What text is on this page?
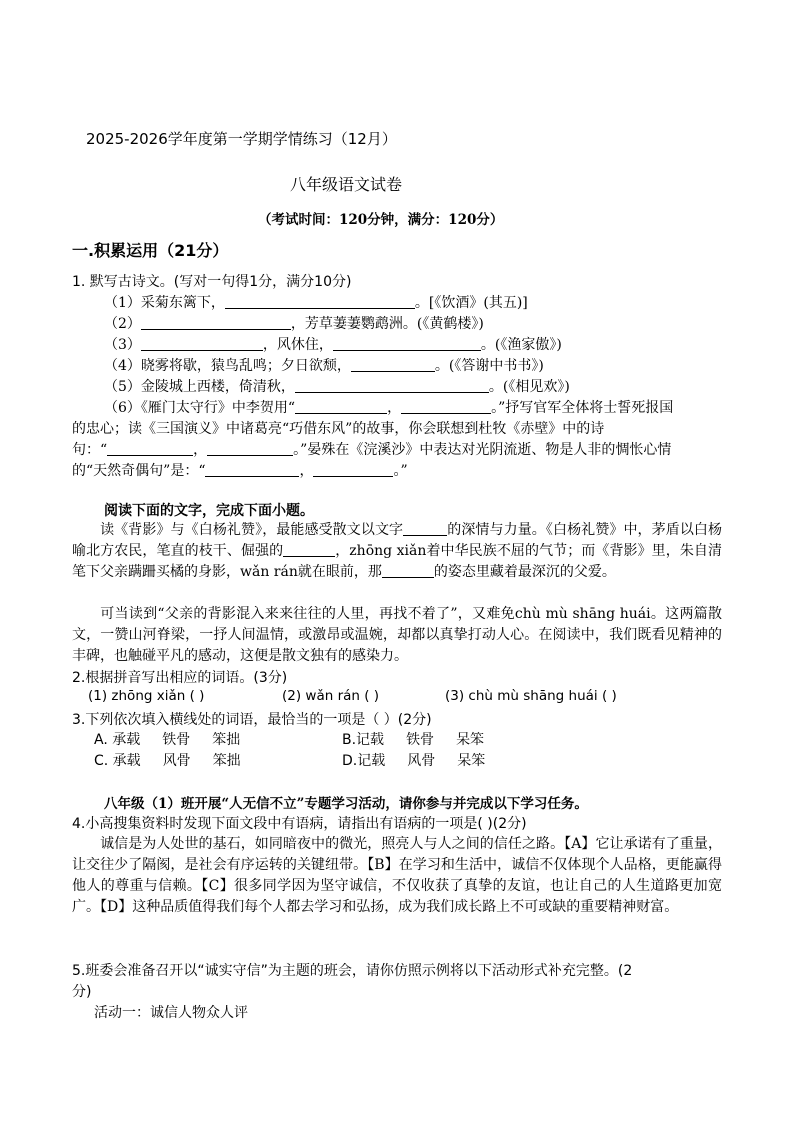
2025-2026学年度第一学期学情练习（12月）
八年级语文试卷
（考试时间：120分钟，满分：120分）
一.积累运用（21分）
1. 默写古诗文。(写对一句得1分，满分10分)
（1）采菊东篱下，	。[《饮酒》(其五)]
（2）	，芳草萋萋鹦鹉洲。(《黄鹤楼》)
（3）	，风休住，	。(《渔家傲》)
（4）晓雾将歇，猿鸟乱鸣；夕日欲颓，	。(《答谢中书书》)
（5）金陵城上西楼，倚清秋，	。(《相见欢》)
（6）《雁门太守行》中李贺用“	，	。”抒写官军全体将士誓死报国
的忠心；读《三国演义》中诸葛亮“巧借东风”的故事，你会联想到杜牧《赤壁》中的诗
句：“	，	。”晏殊在《浣溪沙》中表达对光阴流逝、物是人非的惆怅心情
的“天然奇偶句”是：“	，	。”
阅读下面的文字，完成下面小题。
读《背影》与《白杨礼赞》，最能感受散文以文字	的深情与力量。《白杨礼赞》中，茅盾以白杨喻北方农民，笔直的枝干、倔强的	，zhōng xiǎn着中华民族不屈的气节；而《背影》里，朱自清笔下父亲蹒跚买橘的身影，wǎn rán就在眼前，那	的姿态里藏着最深沉的父爱。
可当读到“父亲的背影混入来来往往的人里，再找不着了”，又难免chù mù shāng huái。这两篇散文，一赞山河脊梁，一抒人间温情，或激昂或温婉，却都以真挚打动人心。在阅读中，我们既看见精神的丰碑，也触碰平凡的感动，这便是散文独有的感染力。
2.根据拼音写出相应的词语。(3分)
(1) zhōng xiǎn ( )	(2) wǎn rán ( )	(3) chù mù shāng huái ( )
3.下列依次填入横线处的词语，最恰当的一项是（ ）(2分)
A. 承载 铁骨 笨拙	B.记载 铁骨 呆笨
C. 承载 风骨 笨拙	D.记载 风骨 呆笨
八年级（1）班开展“人无信不立”专题学习活动，请你参与并完成以下学习任务。
4.小高搜集资料时发现下面文段中有语病，请指出有语病的一项是( )(2分)
诚信是为人处世的基石，如同暗夜中的微光，照亮人与人之间的信任之路。【A】它让承诺有了重量，让交往少了隔阂，是社会有序运转的关键纽带。【B】在学习和生活中，诚信不仅体现个人品格，更能赢得他人的尊重与信赖。【C】很多同学因为坚守诚信，不仅收获了真挚的友谊，也让自己的人生道路更加宽广。【D】这种品质值得我们每个人都去学习和弘扬，成为我们成长路上不可或缺的重要精神财富。
5.班委会准备召开以“诚实守信”为主题的班会，请你仿照示例将以下活动形式补充完整。(2
分)
活动一：诚信人物众人评
